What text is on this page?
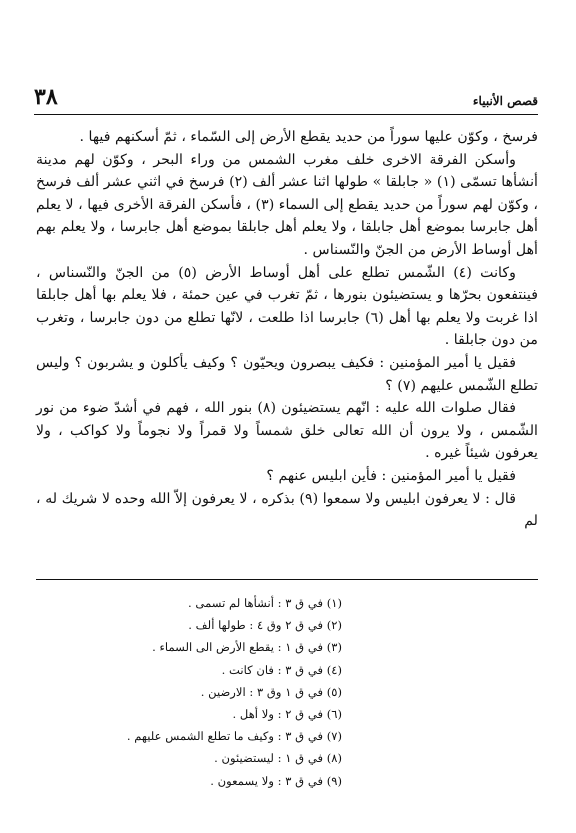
٣٨	قصص الأنبياء

فرسخ ، وكوّن عليها سوراً من حديد يقطع الأرض إلى السّماء ، ثمّ أسكنهم فيها .

وأسكن الفرقة الاخرى خلف مغرب الشمس من وراء البحر ، وكوّن لهم مدينة أنشأها تسمّى (١) « جابلقا » طولها اثنا عشر ألف (٢) فرسخ في اثني عشر ألف فرسخ ، وكوّن لهم سوراً من حديد يقطع إلى السماء (٣) ، فأسكن الفرقة الأخرى فيها ، لا يعلم أهل جابرسا بموضع أهل جابلقا ، ولا يعلم أهل جابلقا بموضع أهل جابرسا ، ولا يعلم بهم أهل أوساط الأرض من الجنّ والنّسناس .

وكانت (٤) الشّمس تطلع على أهل أوساط الأرض (٥) من الجنّ والنّسناس ، فينتفعون بحرّها و يستضيئون بنورها ، ثمّ تغرب في عين حمئة ، فلا يعلم بها أهل جابلقا اذا غربت ولا يعلم بها أهل (٦) جابرسا اذا طلعت ، لانّها تطلع من دون جابرسا ، وتغرب من دون جابلقا .

فقيل يا أمير المؤمنين : فكيف يبصرون ويحيّون ؟ وكيف يأكلون و يشربون ؟ وليس تطلع الشّمس عليهم (٧) ؟

فقال صلوات الله عليه : انّهم يستضيئون (٨) بنور الله ، فهم في أشدّ ضوء من نور الشّمس ، ولا يرون أن الله تعالى خلق شمساً ولا قمراً ولا نجوماً ولا كواكب ، ولا يعرفون شيئاً غيره .

فقيل يا أمير المؤمنين : فأين ابليس عنهم ؟

قال : لا يعرفون ابليس ولا سمعوا (٩) بذكره ، لا يعرفون إلاّ الله وحده لا شريك له ، لم

(١) في ق ٣ : أنشأها لم تسمى .
(٢) في ق ٢ وق ٤ : طولها ألف .
(٣) في ق ١ : يقطع الأرض الى السماء .
(٤) في ق ٣ : فان كانت .
(٥) في ق ١ وق ٣ : الارضين .
(٦) في ق ٢ : ولا أهل .
(٧) في ق ٣ : وكيف ما تطلع الشمس عليهم .
(٨) في ق ١ : ليستضيئون .
(٩) في ق ٣ : ولا يسمعون .
